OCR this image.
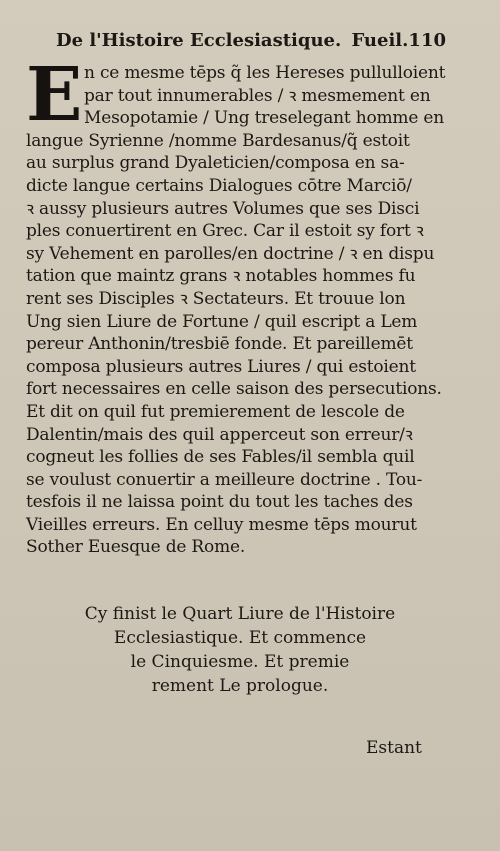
De l'Histoire Ecclesiastique. Fueil.110
E n ce mesme tēps q̃ les Hereses pullulloient
par tout innumerables / ꝛ mesmement en
Mesopotamie / Ung treselegant homme en
langue Syrienne /nomme Bardesanus/q̃ estoit
au surplus grand Dyaleticien/composa en sa-
dicte langue certains Dialogues cōtre Marciō/
ꝛ aussy plusieurs autres Volumes que ses Disci
ples conuertirent en Grec. Car il estoit sy fort ꝛ
sy Vehement en parolles/en doctrine / ꝛ en dispu
tation que maintz grans ꝛ notables hommes fu
rent ses Disciples ꝛ Sectateurs. Et trouue lon
Ung sien Liure de Fortune / quil escript a Lem
pereur Anthonin/tresbiē fonde. Et pareillemēt
composa plusieurs autres Liures / qui estoient
fort necessaires en celle saison des persecutions.
Et dit on quil fut premierement de lescole de
Dalentin/mais des quil apperceut son erreur/ꝛ
cogneut les follies de ses Fables/il sembla quil
se voulust conuertir a meilleure doctrine . Tou-
tesfois il ne laissa point du tout les taches des
Vieilles erreurs. En celluy mesme tēps mourut
Sother Euesque de Rome.
Cy finist le Quart Liure de l'Histoire
Ecclesiastique. Et commence
le Cinquiesme. Et premie
rement Le prologue.
Estant
